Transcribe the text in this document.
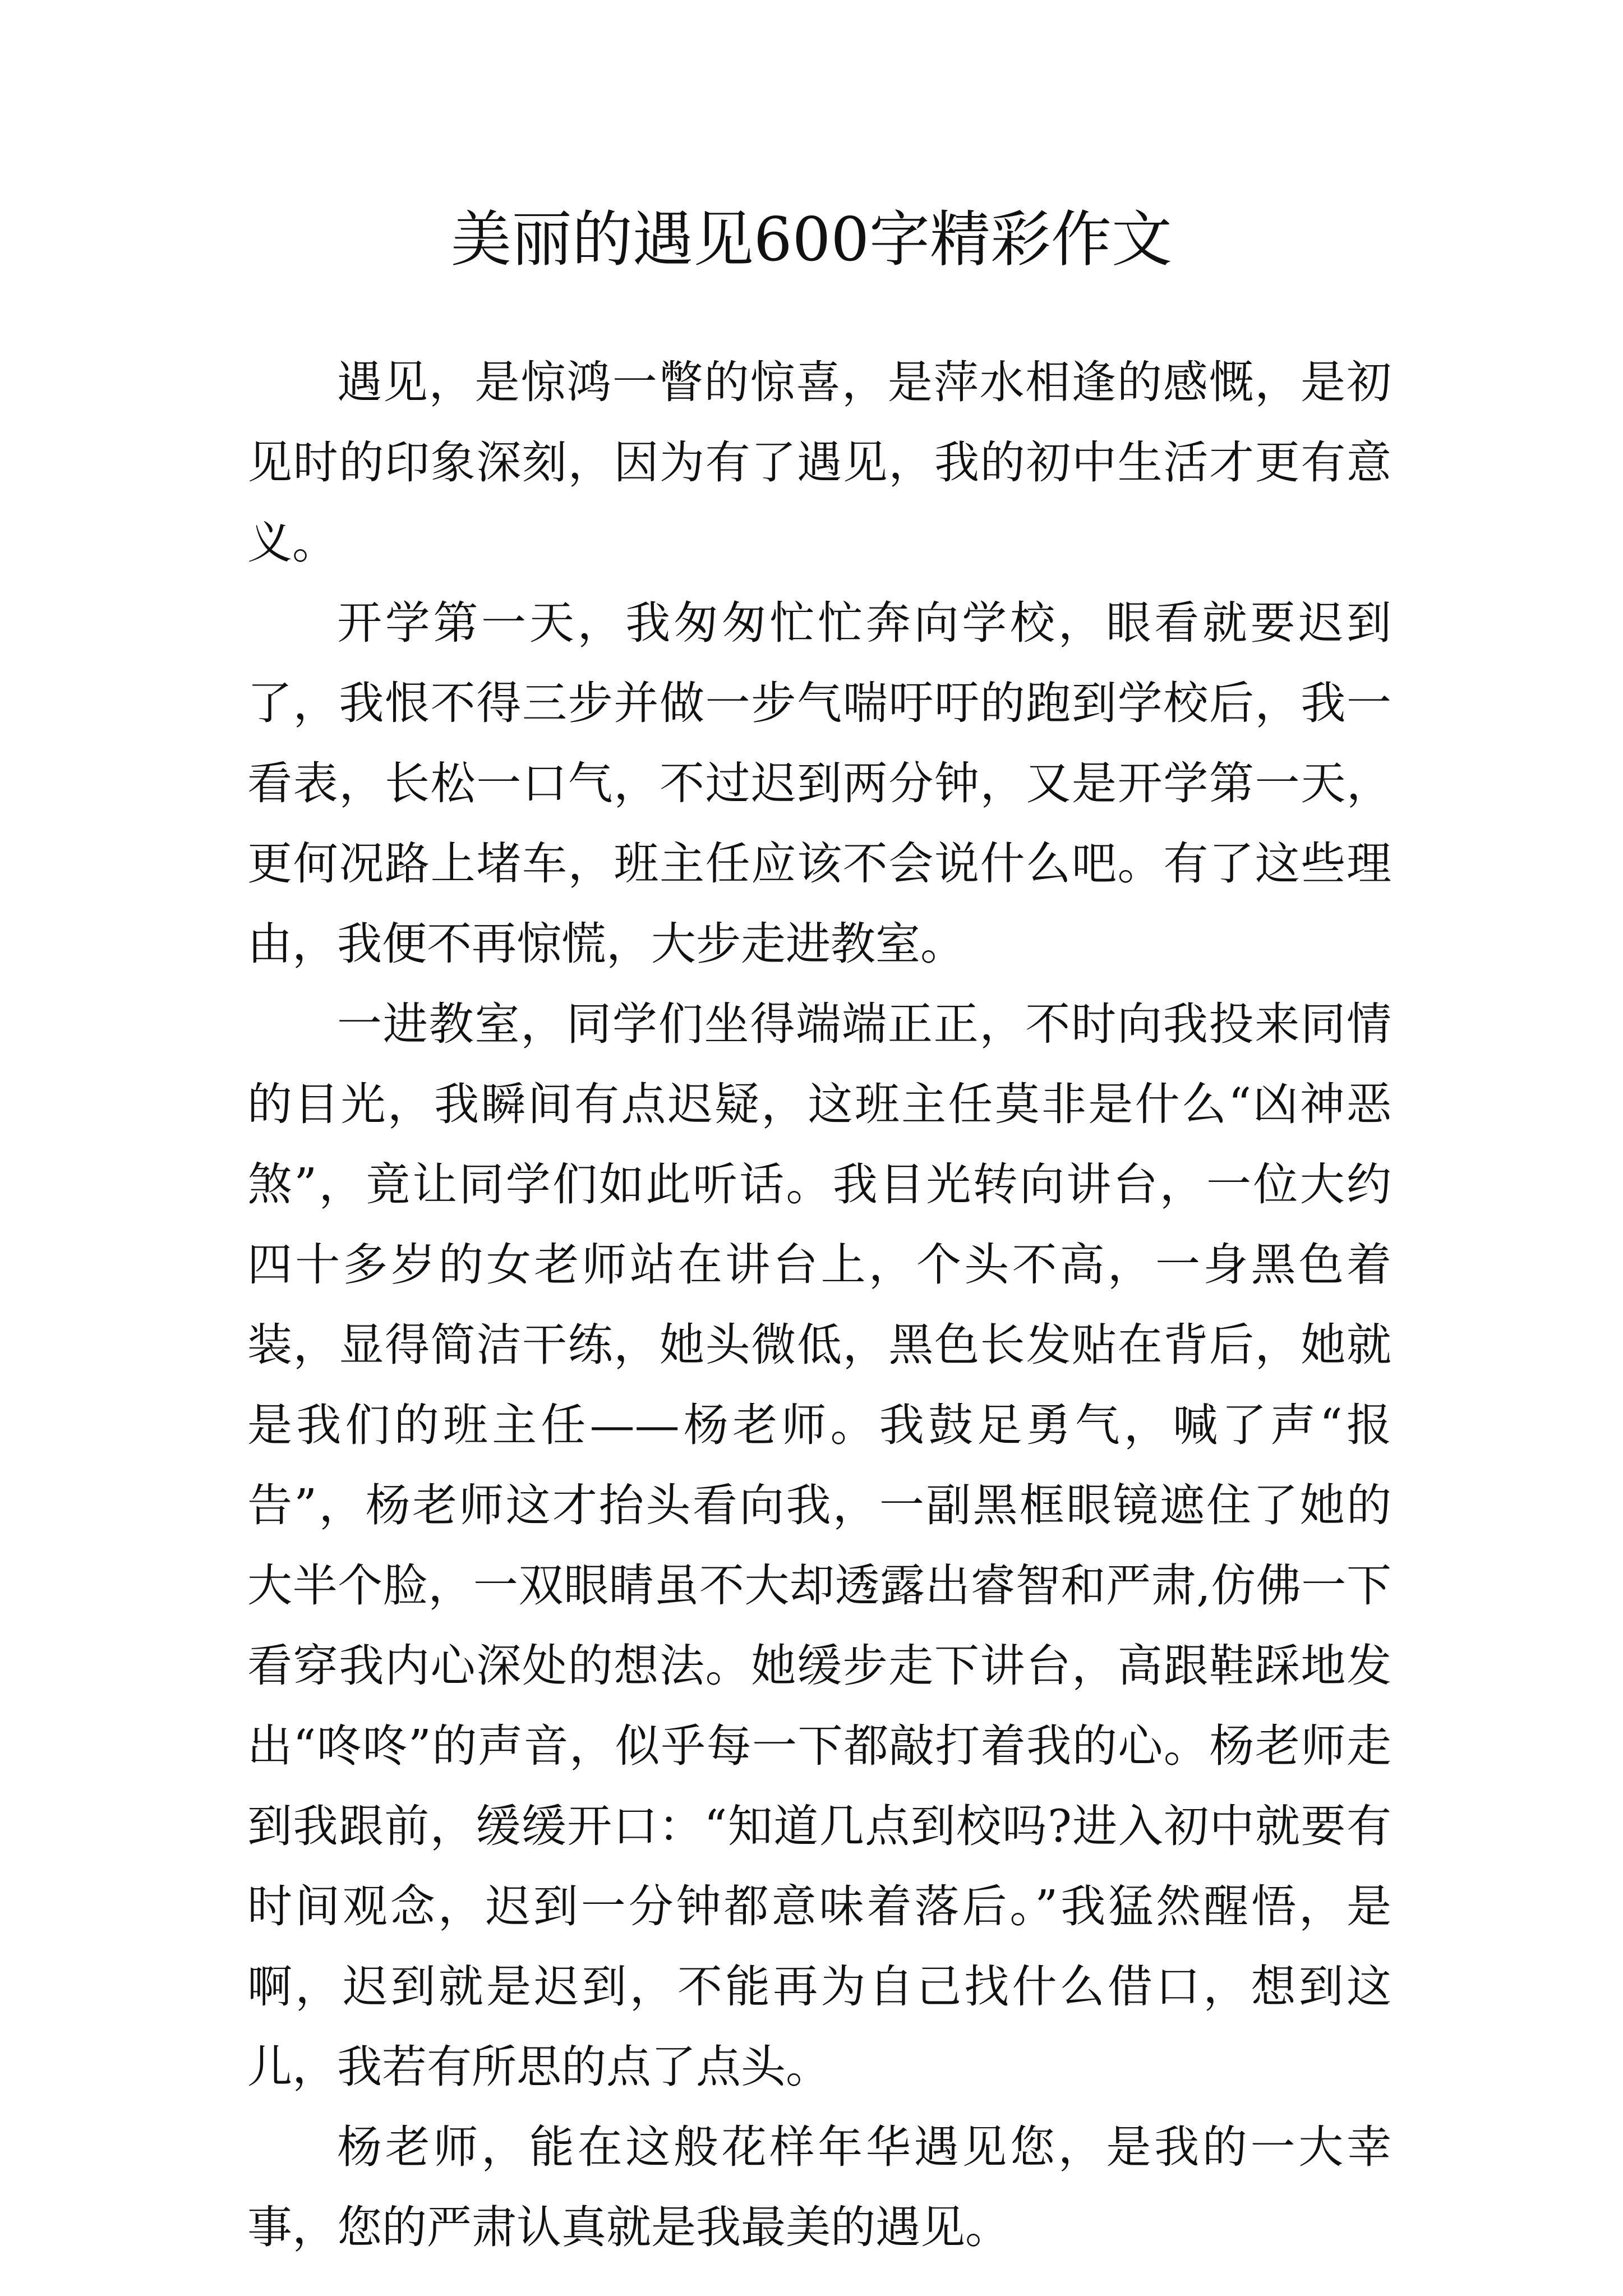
美丽的遇见600字精彩作文

遇见，是惊鸿一瞥的惊喜，是萍水相逢的感慨，是初见时的印象深刻，因为有了遇见，我的初中生活才更有意义。

开学第一天，我匆匆忙忙奔向学校，眼看就要迟到了，我恨不得三步并做一步气喘吁吁的跑到学校后，我一看表，长松一口气，不过迟到两分钟，又是开学第一天，更何况路上堵车，班主任应该不会说什么吧。有了这些理由，我便不再惊慌，大步走进教室。

一进教室，同学们坐得端端正正，不时向我投来同情的目光，我瞬间有点迟疑，这班主任莫非是什么“凶神恶煞”，竟让同学们如此听话。我目光转向讲台，一位大约四十多岁的女老师站在讲台上，个头不高，一身黑色着装，显得简洁干练，她头微低，黑色长发贴在背后，她就是我们的班主任——杨老师。我鼓足勇气，喊了声“报告”，杨老师这才抬头看向我，一副黑框眼镜遮住了她的大半个脸，一双眼睛虽不大却透露出睿智和严肃,仿佛一下看穿我内心深处的想法。她缓步走下讲台，高跟鞋踩地发出“咚咚”的声音，似乎每一下都敲打着我的心。杨老师走到我跟前，缓缓开口：“知道几点到校吗?进入初中就要有时间观念，迟到一分钟都意味着落后。”我猛然醒悟，是啊，迟到就是迟到，不能再为自己找什么借口，想到这儿，我若有所思的点了点头。

杨老师，能在这般花样年华遇见您，是我的一大幸事，您的严肃认真就是我最美的遇见。
